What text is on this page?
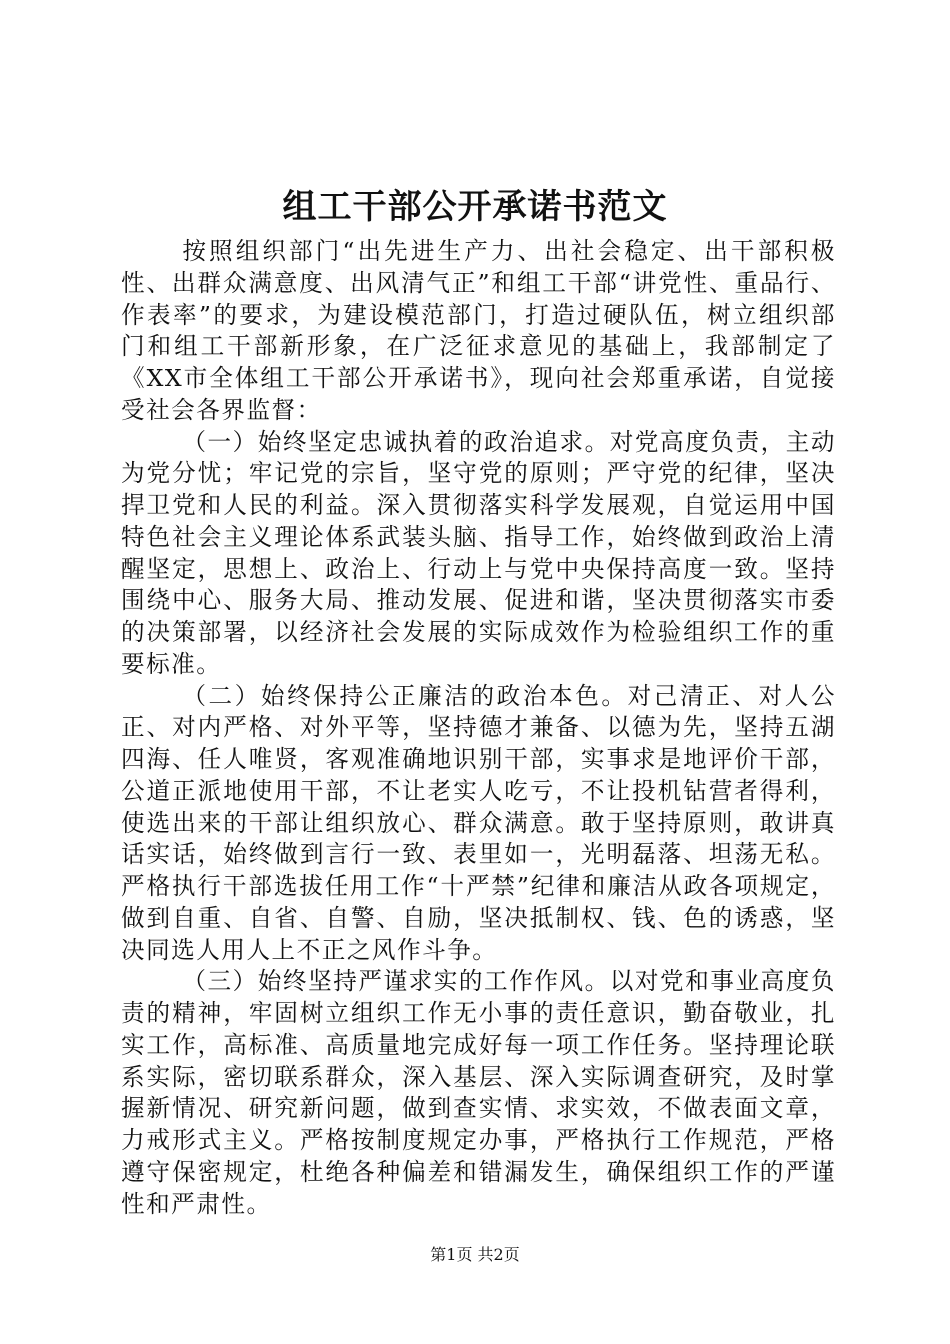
组工干部公开承诺书范文

按照组织部门“出先进生产力、出社会稳定、出干部积极性、出群众满意度、出风清气正”和组工干部“讲党性、重品行、作表率”的要求，为建设模范部门，打造过硬队伍，树立组织部门和组工干部新形象，在广泛征求意见的基础上，我部制定了《XX市全体组工干部公开承诺书》，现向社会郑重承诺，自觉接受社会各界监督：

（一）始终坚定忠诚执着的政治追求。对党高度负责，主动为党分忧；牢记党的宗旨，坚守党的原则；严守党的纪律，坚决捍卫党和人民的利益。深入贯彻落实科学发展观，自觉运用中国特色社会主义理论体系武装头脑、指导工作，始终做到政治上清醒坚定，思想上、政治上、行动上与党中央保持高度一致。坚持围绕中心、服务大局、推动发展、促进和谐，坚决贯彻落实市委的决策部署，以经济社会发展的实际成效作为检验组织工作的重要标准。

（二）始终保持公正廉洁的政治本色。对己清正、对人公正、对内严格、对外平等，坚持德才兼备、以德为先，坚持五湖四海、任人唯贤，客观准确地识别干部，实事求是地评价干部，公道正派地使用干部，不让老实人吃亏，不让投机钻营者得利，使选出来的干部让组织放心、群众满意。敢于坚持原则，敢讲真话实话，始终做到言行一致、表里如一，光明磊落、坦荡无私。严格执行干部选拔任用工作“十严禁”纪律和廉洁从政各项规定，做到自重、自省、自警、自励，坚决抵制权、钱、色的诱惑，坚决同选人用人上不正之风作斗争。

（三）始终坚持严谨求实的工作作风。以对党和事业高度负责的精神，牢固树立组织工作无小事的责任意识，勤奋敬业，扎实工作，高标准、高质量地完成好每一项工作任务。坚持理论联系实际，密切联系群众，深入基层、深入实际调查研究，及时掌握新情况、研究新问题，做到查实情、求实效，不做表面文章，力戒形式主义。严格按制度规定办事，严格执行工作规范，严格遵守保密规定，杜绝各种偏差和错漏发生，确保组织工作的严谨性和严肃性。

第1页 共2页
